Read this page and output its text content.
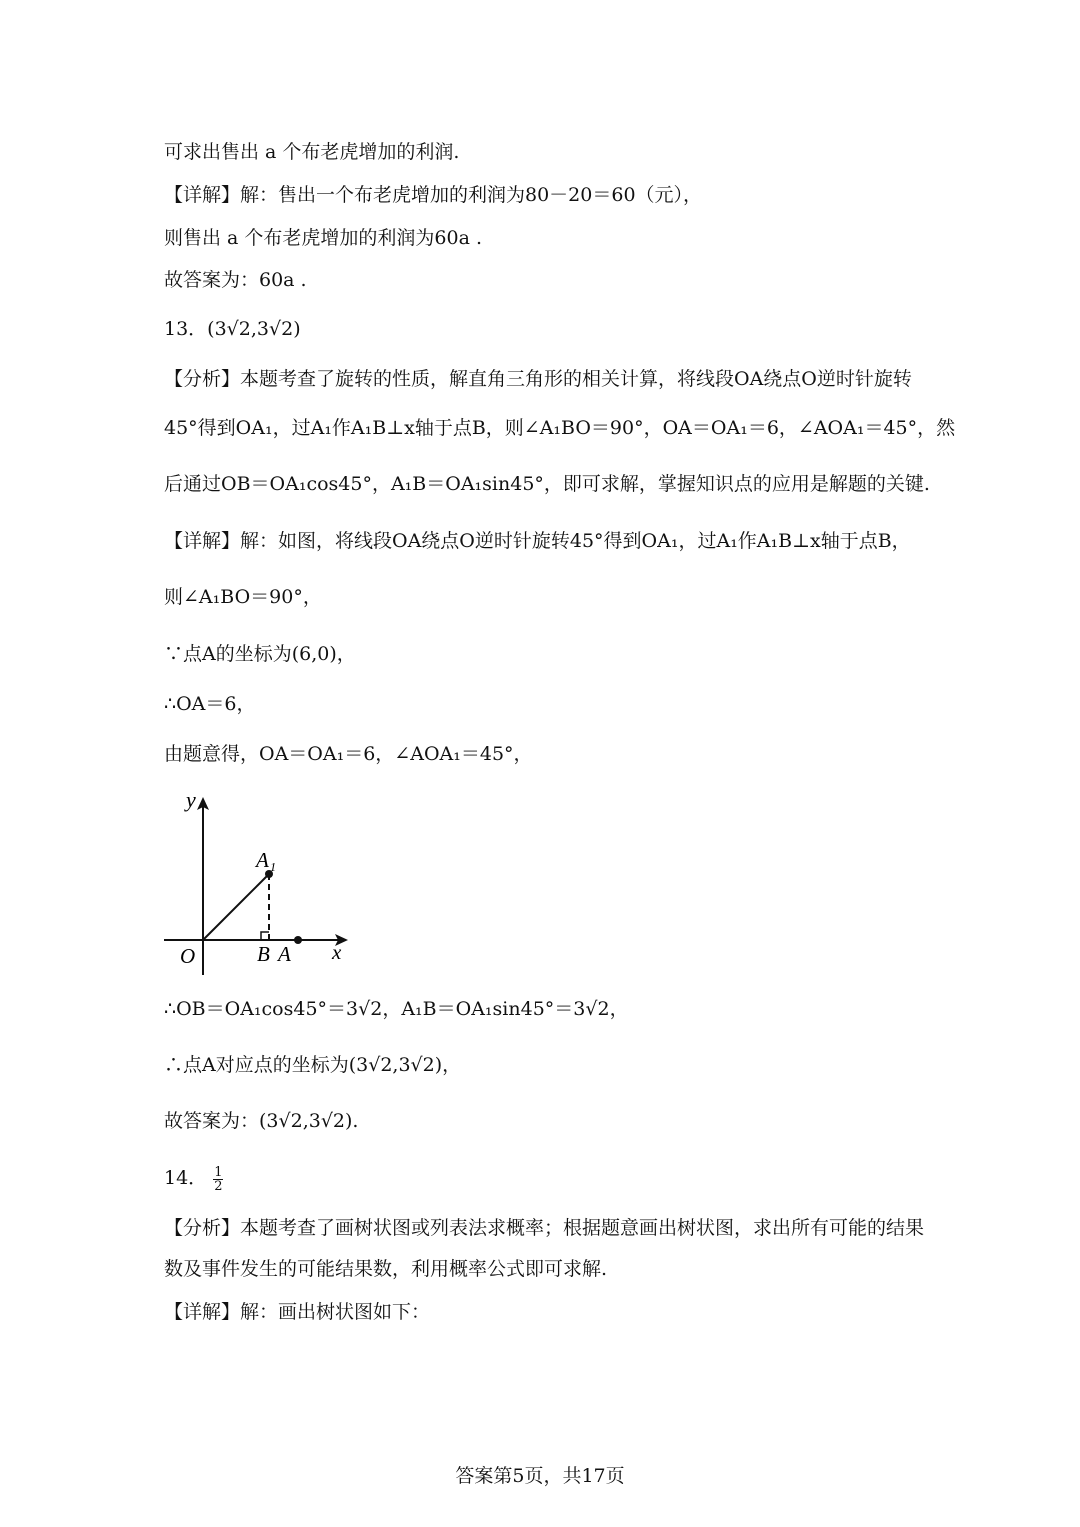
可求出售出 a 个布老虎增加的利润.

【详解】解：售出一个布老虎增加的利润为80－20＝60（元），

则售出 a 个布老虎增加的利润为60a .

故答案为：60a .

13．(3√2,3√2)

【分析】本题考查了旋转的性质，解直角三角形的相关计算，将线段OA绕点O逆时针旋转

45°得到OA₁，过A₁作A₁B⊥x轴于点B，则∠A₁BO＝90°，OA＝OA₁＝6，∠AOA₁＝45°，然

后通过OB＝OA₁cos45°，A₁B＝OA₁sin45°，即可求解，掌握知识点的应用是解题的关键.

【详解】解：如图，将线段OA绕点O逆时针旋转45°得到OA₁，过A₁作A₁B⊥x轴于点B，

则∠A₁BO＝90°，

∵点A的坐标为(6,0)，

∴OA＝6，

由题意得，OA＝OA₁＝6，∠AOA₁＝45°，

y
A₁
O	B A x

∴OB＝OA₁cos45°＝3√2，A₁B＝OA₁sin45°＝3√2，

∴点A对应点的坐标为(3√2,3√2)，

故答案为：(3√2,3√2).

14． $\frac{1}{2}$

【分析】本题考查了画树状图或列表法求概率；根据题意画出树状图，求出所有可能的结果

数及事件发生的可能结果数，利用概率公式即可求解.

【详解】解：画出树状图如下：

答案第5页，共17页
